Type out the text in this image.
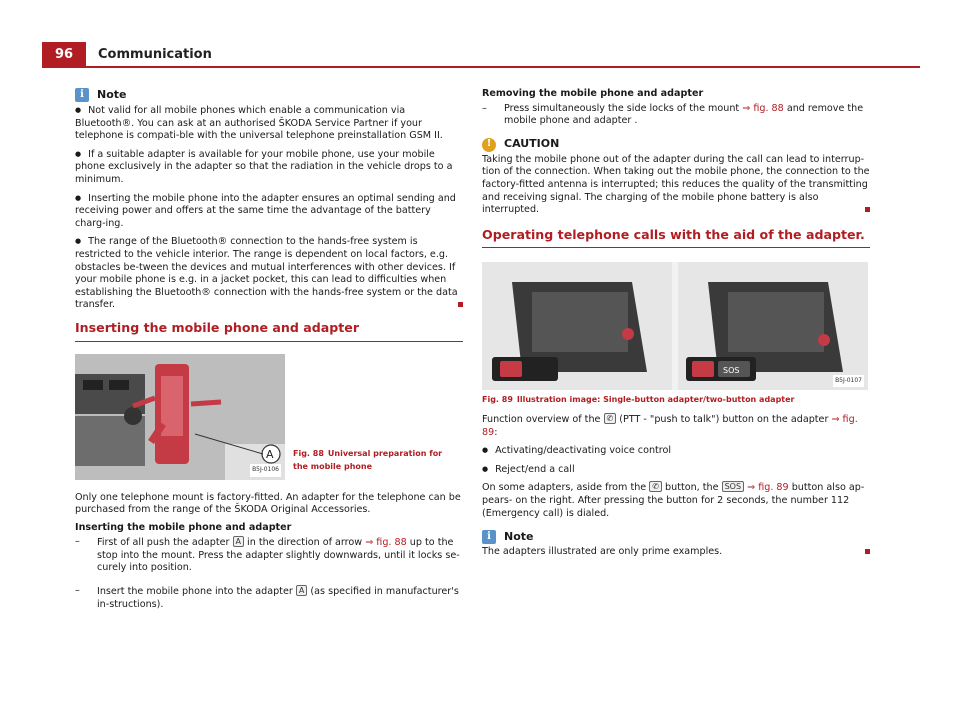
96	Communication
i	Note

● Not valid for all mobile phones which enable a communication via Bluetooth®. You can ask at an authorised ŠKODA Service Partner if your telephone is compati-ble with the universal telephone preinstallation GSM II.

● If a suitable adapter is available for your mobile phone, use your mobile phone exclusively in the adapter so that the radiation in the vehicle drops to a minimum.

● Inserting the mobile phone into the adapter ensures an optimal sending and receiving power and offers at the same time the advantage of the battery charg-ing.

● The range of the Bluetooth® connection to the hands-free system is restricted to the vehicle interior. The range is dependent on local factors, e.g. obstacles be-tween the devices and mutual interferences with other devices. If your mobile phone is e.g. in a jacket pocket, this can lead to difficulties when establishing the Bluetooth® connection with the hands-free system or the data transfer.

Inserting the mobile phone and adapter
A
B5J-0106
Fig. 88 Universal preparation for the mobile phone

Only one telephone mount is factory-fitted. An adapter for the telephone can be purchased from the range of the ŠKODA Original Accessories.

Inserting the mobile phone and adapter

–	First of all push the adapter A in the direction of arrow ⇒ fig. 88 up to the stop into the mount. Press the adapter slightly downwards, until it locks se-curely into position.
–	Insert the mobile phone into the adapter A (as specified in manufacturer's in-structions).

Removing the mobile phone and adapter

–	Press simultaneously the side locks of the mount ⇒ fig. 88 and remove the mobile phone and adapter .
!	CAUTION

Taking the mobile phone out of the adapter during the call can lead to interrup-tion of the connection. When taking out the mobile phone, the connection to the factory-fitted antenna is interrupted; this reduces the quality of the transmitting and receiving signal. The charging of the mobile phone battery is also interrupted.

Operating telephone calls with the aid of the adapter.
SOS
B5J-0107
Fig. 89 Illustration image: Single-button adapter/two-button adapter

Function overview of the ✆ (PTT - "push to talk") button on the adapter ⇒ fig. 89:

● Activating/deactivating voice control

● Reject/end a call

On some adapters, aside from the ✆ button, the SOS ⇒ fig. 89 button also ap-pears- on the right. After pressing the button for 2 seconds, the number 112 (Emergency call) is dialed.

i	Note

The adapters illustrated are only prime examples.
